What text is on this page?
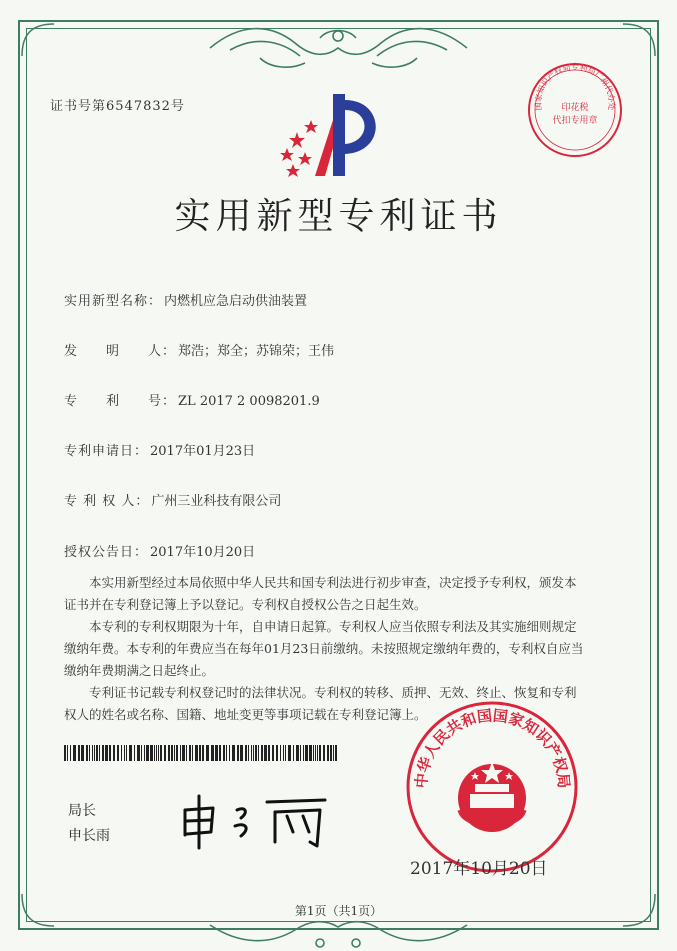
证书号第6547832号	国家知识产权局专利局广州代办处
印花税
代扣专用章
实用新型专利证书
实用新型名称： 内燃机应急启动供油装置
发　　明　　人： 郑浩；郑全；苏锦荣；王伟
专　　利　　号： ZL 2017 2 0098201.9
专利申请日： 2017年01月23日
专 利 权 人： 广州三业科技有限公司
授权公告日： 2017年10月20日

本实用新型经过本局依照中华人民共和国专利法进行初步审查，决定授予专利权，颁发本证书并在专利登记簿上予以登记。专利权自授权公告之日起生效。

本专利的专利权期限为十年，自申请日起算。专利权人应当依照专利法及其实施细则规定缴纳年费。本专利的年费应当在每年01月23日前缴纳。未按照规定缴纳年费的，专利权自应当缴纳年费期满之日起终止。

专利证书记载专利权登记时的法律状况。专利权的转移、质押、无效、终止、恢复和专利权人的姓名或名称、国籍、地址变更等事项记载在专利登记簿上。

局长
申长雨
中华人民共和国国家知识产权局
2017年10月20日
第1页（共1页）
